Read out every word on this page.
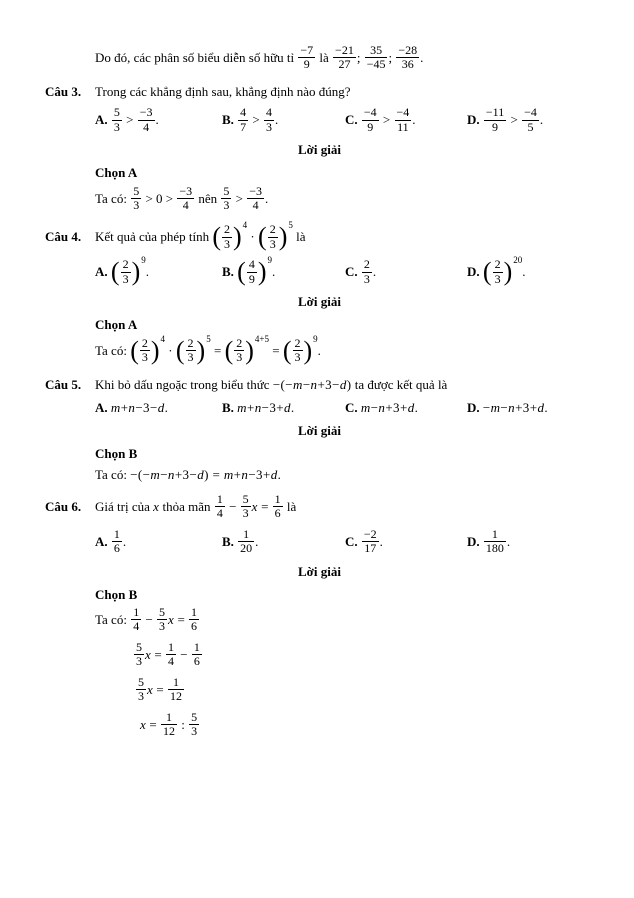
Do đó, các phân số biểu diễn số hữu tỉ $\frac{-7}{9}$ là $\frac{-21}{27}$ ; $\frac{35}{-45}$ ; $\frac{-28}{36}$ .
Câu 3. Trong các khẳng định sau, khẳng định nào đúng?
A. $\frac{5}{3} > \frac{-3}{4}$ .	B. $\frac{4}{7} > \frac{4}{3}$ .	C. $\frac{-4}{9} > \frac{-4}{11}$ .	D. $\frac{-11}{9} > \frac{-4}{5}$ .
Lời giải
Chọn A
Ta có: $\frac{5}{3} > 0 > \frac{-3}{4}$ nên $\frac{5}{3} > \frac{-3}{4}$ .
Câu 4. Kết quả của phép tính ( $\frac{2}{3}$ ) 4
· ( $\frac{2}{3}$ ) 5
là
A. ( $\frac{2}{3}$ ) 9
.	B. ( $\frac{4}{9}$ ) 9
.	C. $\frac{2}{3}$ .	D. ( $\frac{2}{3}$ ) 20
.
Lời giải
Chọn A
Ta có: ( $\frac{2}{3}$ ) 4
· ( $\frac{2}{3}$ ) 5
= ( $\frac{2}{3}$ ) 4+5
= ( $\frac{2}{3}$ ) 9
.
Câu 5. Khi bỏ dấu ngoặc trong biểu thức −(−m−n+3−d) ta được kết quả là
A. m+n−3−d.	B. m+n−3+d.	C. m−n+3+d.	D. −m−n+3+d.
Lời giải
Chọn B
Ta có: −(−m−n+3−d) = m+n−3+d.
Câu 6. Giá trị của x thỏa mãn $\frac{1}{4} - \frac{5}{3}$ $x = \frac{1}{6}$ là
A. $\frac{1}{6}$ .	B. $\frac{1}{20}$ .	C. $\frac{-2}{17}$ .	D. $\frac{1}{180}$ .
Lời giải
Chọn B
Ta có: $\frac{1}{4} - \frac{5}{3}$ $x = \frac{1}{6}$
$\frac{5}{3}$ $x = \frac{1}{4} - \frac{1}{6}$
$\frac{5}{3}$ $x = \frac{1}{12}$
$x = \frac{1}{12}$ : $\frac{5}{3}$
